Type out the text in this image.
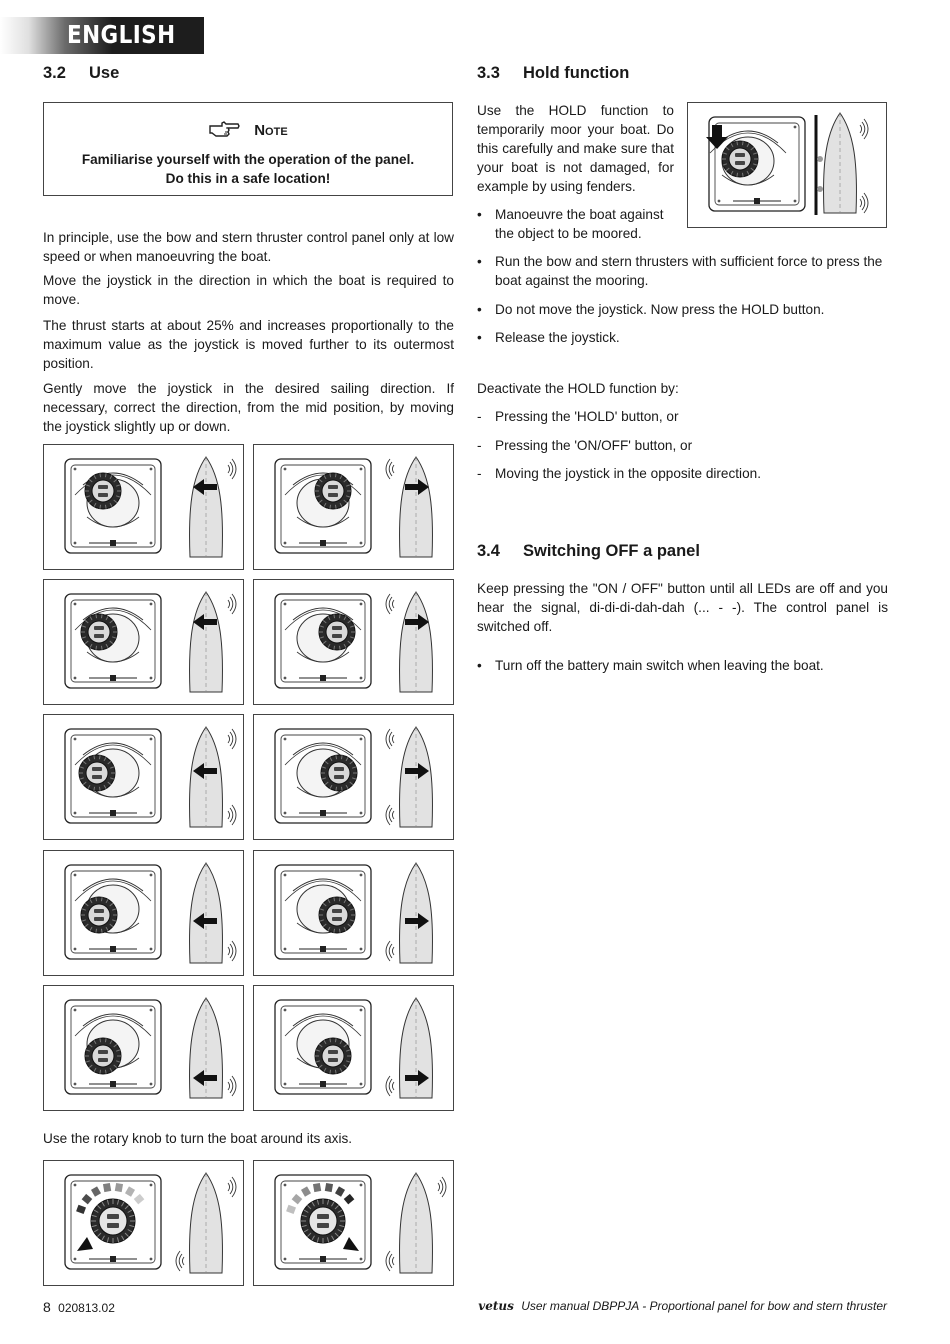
ENGLISH
3.2 Use
Note
Familiarise yourself with the operation of the panel.
Do this in a safe location!

In principle, use the bow and stern thruster control panel only at low speed or when manoeuvring the boat.

Move the joystick in the direction in which the boat is required to move.

The thrust starts at about 25% and increases proportionally to the maximum value as the joystick is moved further to its outermost position.

Gently move the joystick in the desired sailing direction. If necessary, correct the direction, from the mid position, by moving the joystick slightly up or down.

Use the rotary knob to turn the boat around its axis.

3.3 Hold function

Use the HOLD function to temporarily moor your boat. Do this carefully and make sure that your boat is not damaged, for example by using fenders.

• Manoeuvre the boat against the object to be moored.
• Run the bow and stern thrusters with sufficient force to press the boat against the mooring.
• Do not move the joystick. Now press the HOLD button.
• Release the joystick.

Deactivate the HOLD function by:

- Pressing the 'HOLD' button, or
- Pressing the 'ON/OFF' button, or
- Moving the joystick in the opposite direction.
3.4 Switching OFF a panel

Keep pressing the "ON / OFF" button until all LEDs are off and you hear the signal, di-di-di-dah-dah (... - -). The control panel is switched off.

• Turn off the battery main switch when leaving the boat.
8 020813.02	vetus User manual DBPPJA - Proportional panel for bow and stern thruster
